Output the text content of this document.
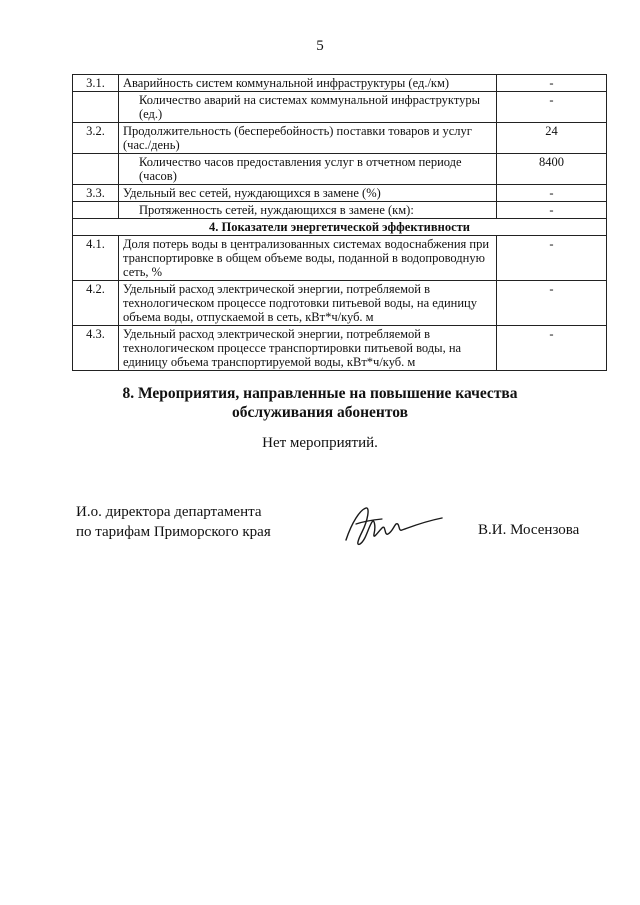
5
3.1.	Аварийность систем коммунальной инфраструктуры (ед./км)	-
	Количество аварий на системах коммунальной инфраструктуры (ед.)	-
3.2.	Продолжительность (бесперебойность) поставки товаров и услуг (час./день)	24
	Количество часов предоставления услуг в отчетном периоде (часов)	8400
3.3.	Удельный вес сетей, нуждающихся в замене (%)	-
	Протяженность сетей, нуждающихся в замене (км):	-
4. Показатели энергетической эффективности		
4.1.	Доля потерь воды в централизованных системах водоснабжения при транспортировке в общем объеме воды, поданной в водопроводную сеть, %	-
4.2.	Удельный расход электрической энергии, потребляемой в технологическом процессе подготовки питьевой воды, на единицу объема воды, отпускаемой в сеть, кВт*ч/куб. м	-
4.3.	Удельный расход электрической энергии, потребляемой в технологическом процессе транспортировки питьевой воды, на единицу объема транспортируемой воды, кВт*ч/куб. м	-
8. Мероприятия, направленные на повышение качества
обслуживания абонентов
Нет мероприятий.
И.о. директора департамента
по тарифам Приморского края	В.И. Мосензова
